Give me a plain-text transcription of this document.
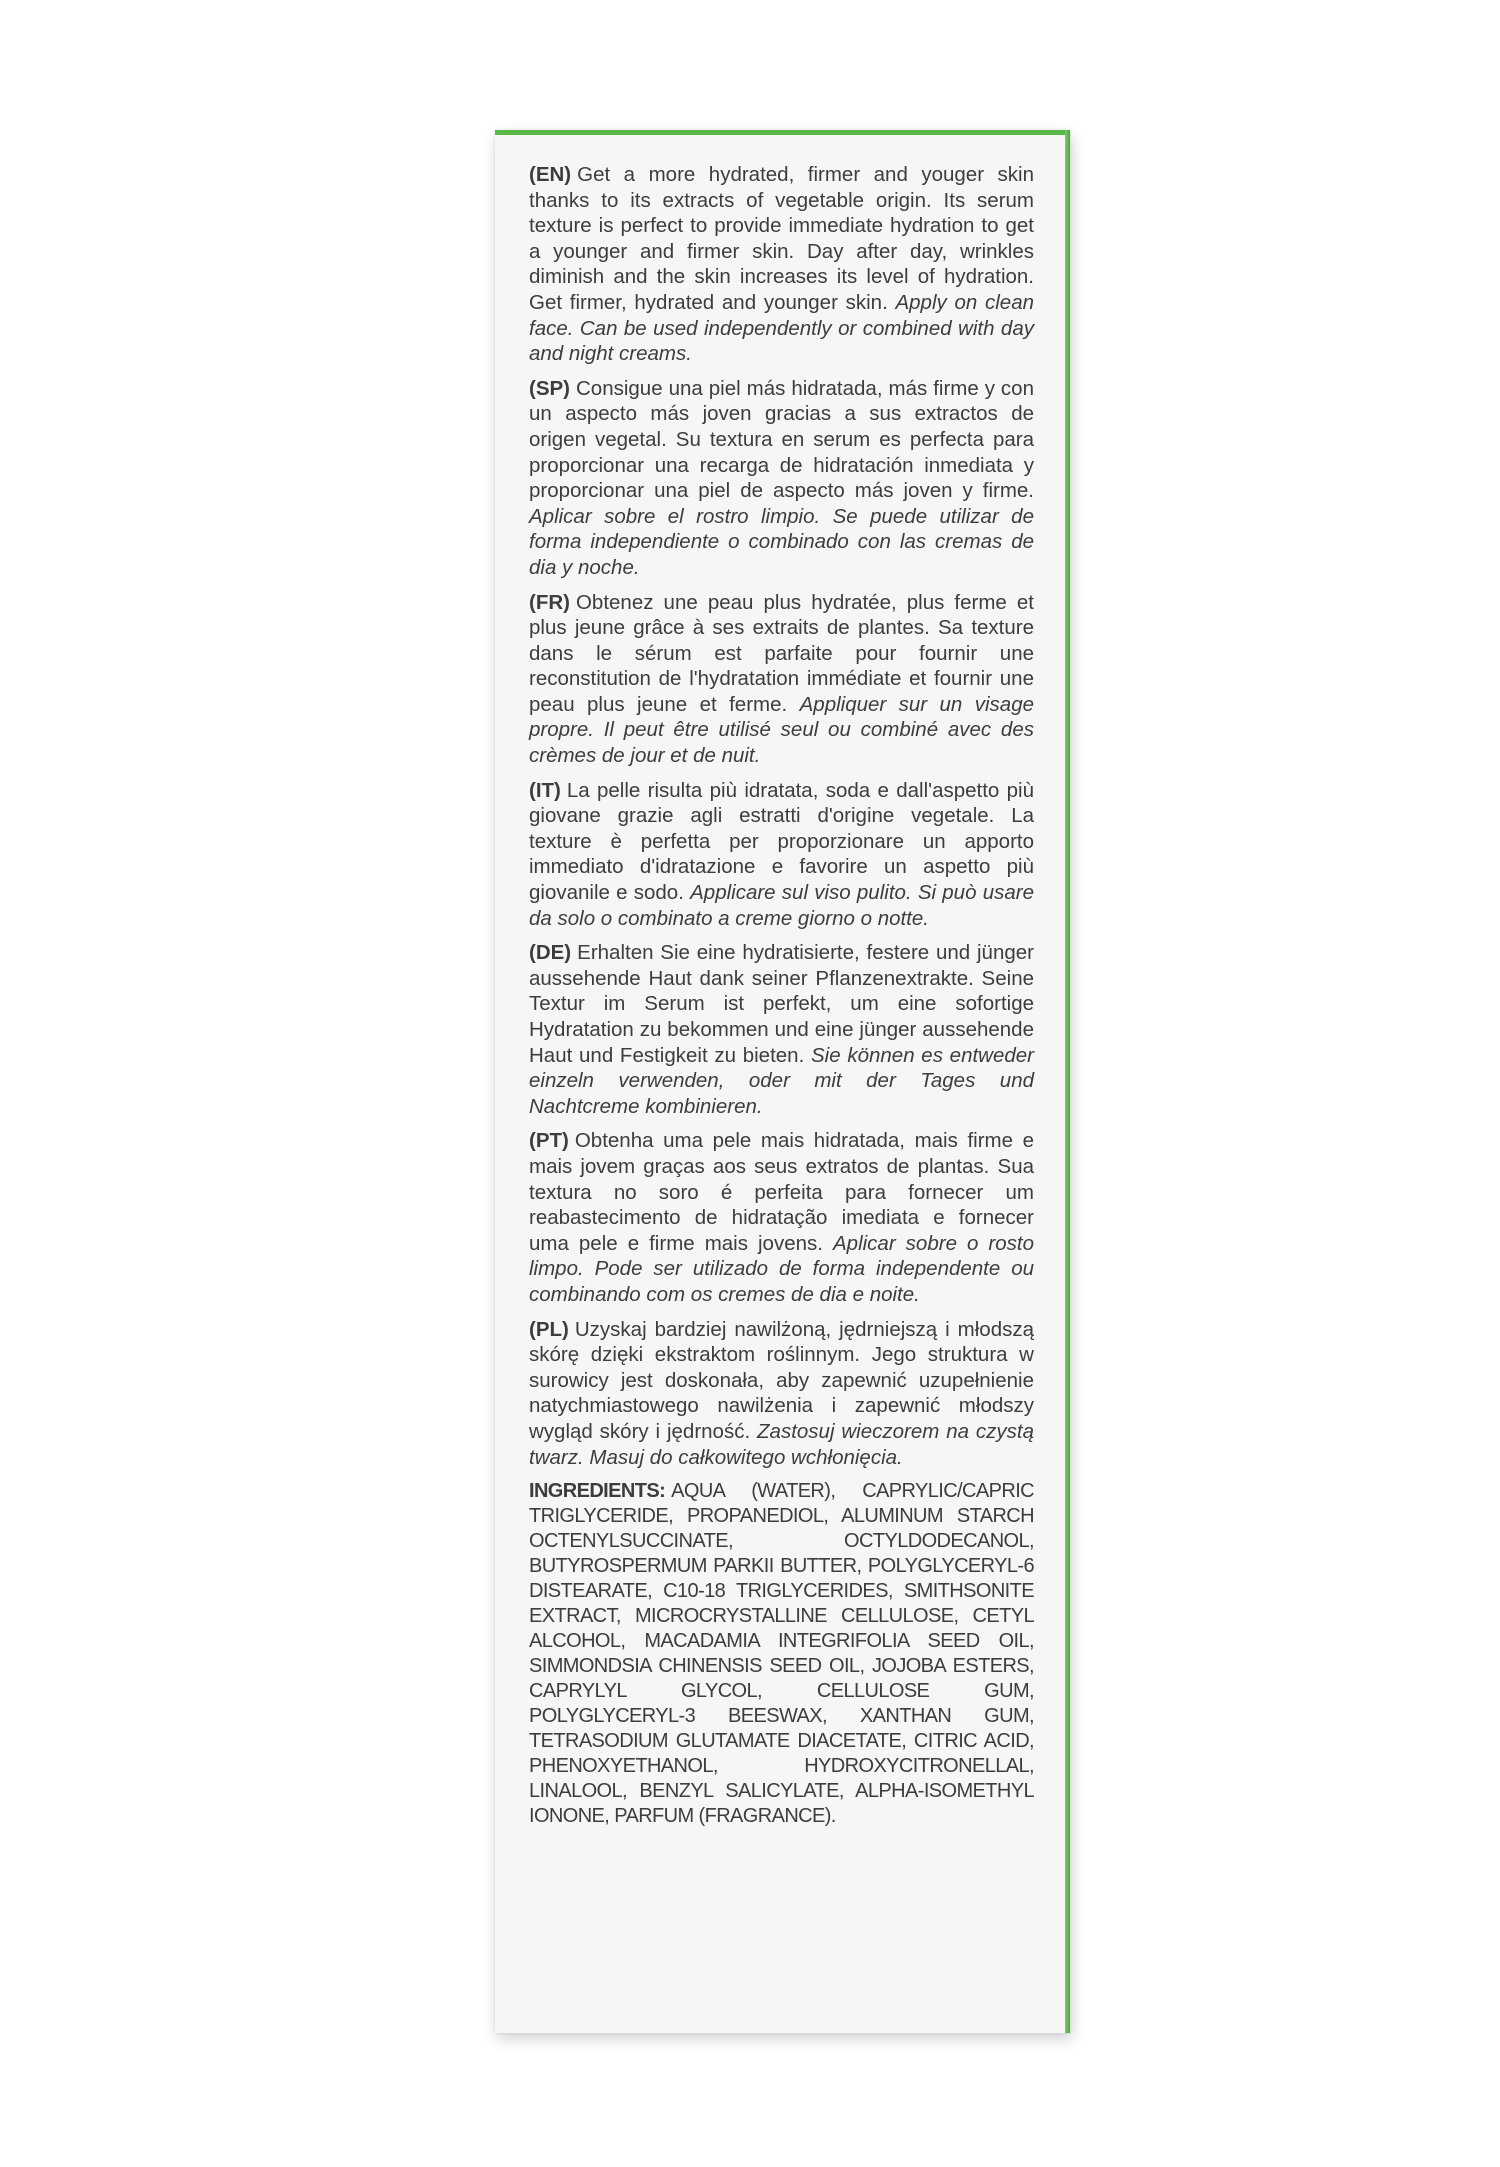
(EN) Get a more hydrated, firmer and youger skin thanks to its extracts of vegetable origin. Its serum texture is perfect to provide immediate hydration to get a younger and firmer skin. Day after day, wrinkles diminish and the skin increases its level of hydration. Get firmer, hydrated and younger skin. Apply on clean face. Can be used independently or combined with day and night creams.

(SP) Consigue una piel más hidratada, más firme y con un aspecto más joven gracias a sus extractos de origen vegetal. Su textura en serum es perfecta para proporcionar una recarga de hidratación inmediata y proporcionar una piel de aspecto más joven y firme. Aplicar sobre el rostro limpio. Se puede utilizar de forma independiente o combinado con las cremas de dia y noche.

(FR) Obtenez une peau plus hydratée, plus ferme et plus jeune grâce à ses extraits de plantes. Sa texture dans le sérum est parfaite pour fournir une reconstitution de l'hydratation immédiate et fournir une peau plus jeune et ferme. Appliquer sur un visage propre. Il peut être utilisé seul ou combiné avec des crèmes de jour et de nuit.

(IT) La pelle risulta più idratata, soda e dall'aspetto più giovane grazie agli estratti d'origine vegetale. La texture è perfetta per proporzionare un apporto immediato d'idratazione e favorire un aspetto più giovanile e sodo. Applicare sul viso pulito. Si può usare da solo o combinato a creme giorno o notte.

(DE) Erhalten Sie eine hydratisierte, festere und jünger aussehende Haut dank seiner Pflanzenextrakte. Seine Textur im Serum ist perfekt, um eine sofortige Hydratation zu bekommen und eine jünger aussehende Haut und Festigkeit zu bieten. Sie können es entweder einzeln verwenden, oder mit der Tages und Nachtcreme kombinieren.

(PT) Obtenha uma pele mais hidratada, mais firme e mais jovem graças aos seus extratos de plantas. Sua textura no soro é perfeita para fornecer um reabastecimento de hidratação imediata e fornecer uma pele e firme mais jovens. Aplicar sobre o rosto limpo. Pode ser utilizado de forma independente ou combinando com os cremes de dia e noite.

(PL) Uzyskaj bardziej nawilżoną, jędrniejszą i młodszą skórę dzięki ekstraktom roślinnym. Jego struktura w surowicy jest doskonała, aby zapewnić uzupełnienie natychmiastowego nawilżenia i zapewnić młodszy wygląd skóry i jędrność. Zastosuj wieczorem na czystą twarz. Masuj do całkowitego wchłonięcia.

INGREDIENTS: AQUA (WATER), CAPRYLIC/CAPRIC TRIGLYCERIDE, PROPANEDIOL, ALUMINUM STARCH OCTENYLSUCCINATE, OCTYLDODECANOL, BUTYROSPERMUM PARKII BUTTER, POLYGLYCERYL-6 DISTEARATE, C10-18 TRIGLYCERIDES, SMITHSONITE EXTRACT, MICROCRYSTALLINE CELLULOSE, CETYL ALCOHOL, MACADAMIA INTEGRIFOLIA SEED OIL, SIMMONDSIA CHINENSIS SEED OIL, JOJOBA ESTERS, CAPRYLYL GLYCOL, CELLULOSE GUM, POLYGLYCERYL-3 BEESWAX, XANTHAN GUM, TETRASODIUM GLUTAMATE DIACETATE, CITRIC ACID, PHENOXYETHANOL, HYDROXYCITRONELLAL, LINALOOL, BENZYL SALICYLATE, ALPHA-ISOMETHYL IONONE, PARFUM (FRAGRANCE).
